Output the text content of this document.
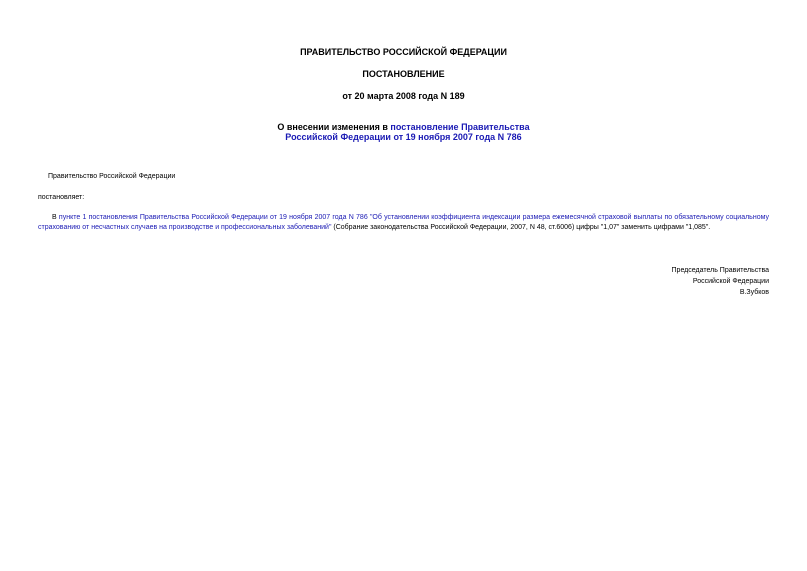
ПРАВИТЕЛЬСТВО РОССИЙСКОЙ ФЕДЕРАЦИИ
ПОСТАНОВЛЕНИЕ
от 20 марта 2008 года N 189
О внесении изменения в постановление Правительства
Российской Федерации от 19 ноября 2007 года N 786
Правительство Российской Федерации
постановляет:
В пункте 1 постановления Правительства Российской Федерации от 19 ноября 2007 года N 786 "Об установлении коэффициента индексации размера ежемесячной страховой выплаты по обязательному социальному страхованию от несчастных случаев на производстве и профессиональных заболеваний" (Собрание законодательства Российской Федерации, 2007, N 48, ст.6006) цифры "1,07" заменить цифрами "1,085".
Председатель Правительства
Российской Федерации
В.Зубков
